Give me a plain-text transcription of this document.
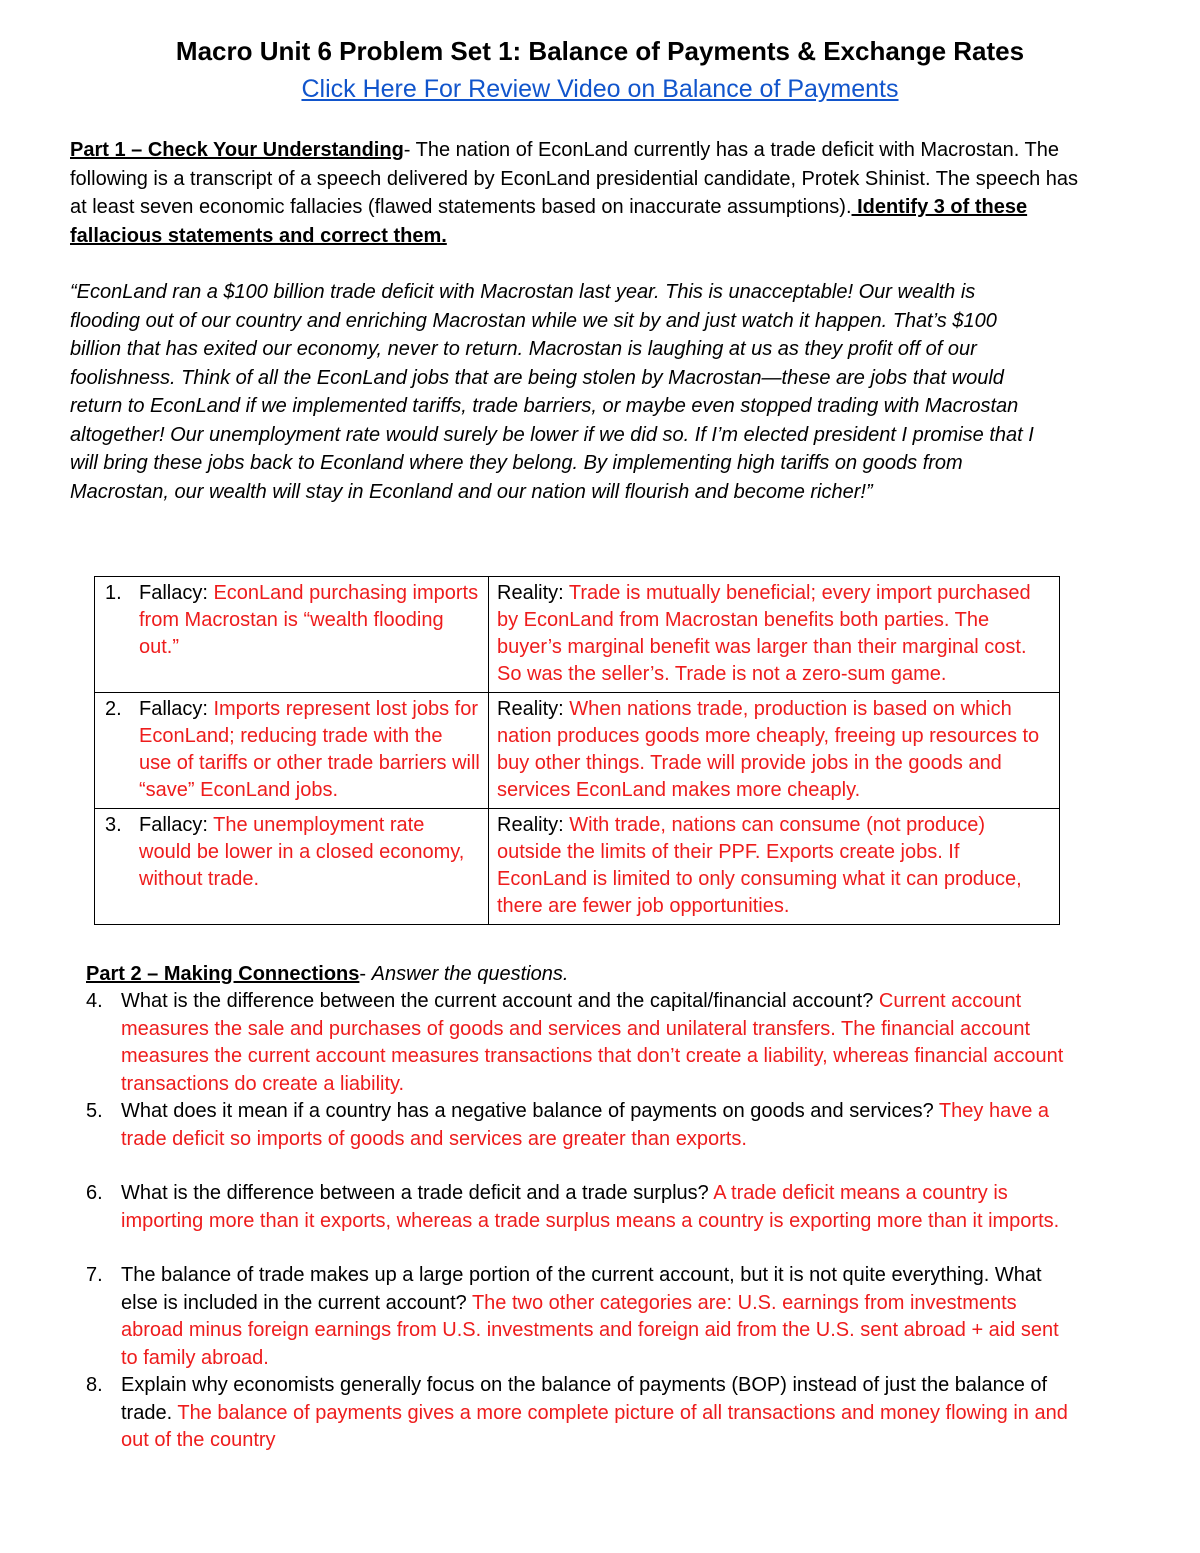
Macro Unit 6 Problem Set 1: Balance of Payments & Exchange Rates
Click Here For Review Video on Balance of Payments
Part 1 – Check Your Understanding- The nation of EconLand currently has a trade deficit with Macrostan. The following is a transcript of a speech delivered by EconLand presidential candidate, Protek Shinist. The speech has at least seven economic fallacies (flawed statements based on inaccurate assumptions). Identify 3 of these fallacious statements and correct them.
“EconLand ran a $100 billion trade deficit with Macrostan last year. This is unacceptable! Our wealth is flooding out of our country and enriching Macrostan while we sit by and just watch it happen. That’s $100 billion that has exited our economy, never to return. Macrostan is laughing at us as they profit off of our foolishness. Think of all the EconLand jobs that are being stolen by Macrostan—these are jobs that would return to EconLand if we implemented tariffs, trade barriers, or maybe even stopped trading with Macrostan altogether! Our unemployment rate would surely be lower if we did so. If I’m elected president I promise that I will bring these jobs back to Econland where they belong. By implementing high tariffs on goods from Macrostan, our wealth will stay in Econland and our nation will flourish and become richer!”
1. Fallacy: EconLand purchasing imports from Macrostan is “wealth flooding out.”	Reality: Trade is mutually beneficial; every import purchased by EconLand from Macrostan benefits both parties. The buyer’s marginal benefit was larger than their marginal cost. So was the seller’s. Trade is not a zero-sum game.

2. Fallacy: Imports represent lost jobs for EconLand; reducing trade with the use of tariffs or other trade barriers will “save” EconLand jobs.	Reality: When nations trade, production is based on which nation produces goods more cheaply, freeing up resources to buy other things. Trade will provide jobs in the goods and services EconLand makes more cheaply.

3. Fallacy: The unemployment rate would be lower in a closed economy, without trade.	Reality: With trade, nations can consume (not produce) outside the limits of their PPF. Exports create jobs. If EconLand is limited to only consuming what it can produce, there are fewer job opportunities.
Part 2 – Making Connections- Answer the questions.
4. What is the difference between the current account and the capital/financial account? Current account measures the sale and purchases of goods and services and unilateral transfers. The financial account measures the current account measures transactions that don’t create a liability, whereas financial account transactions do create a liability.
5. What does it mean if a country has a negative balance of payments on goods and services? They have a trade deficit so imports of goods and services are greater than exports.
6. What is the difference between a trade deficit and a trade surplus? A trade deficit means a country is importing more than it exports, whereas a trade surplus means a country is exporting more than it imports.
7. The balance of trade makes up a large portion of the current account, but it is not quite everything. What else is included in the current account? The two other categories are: U.S. earnings from investments abroad minus foreign earnings from U.S. investments and foreign aid from the U.S. sent abroad + aid sent to family abroad.
8. Explain why economists generally focus on the balance of payments (BOP) instead of just the balance of trade. The balance of payments gives a more complete picture of all transactions and money flowing in and out of the country
